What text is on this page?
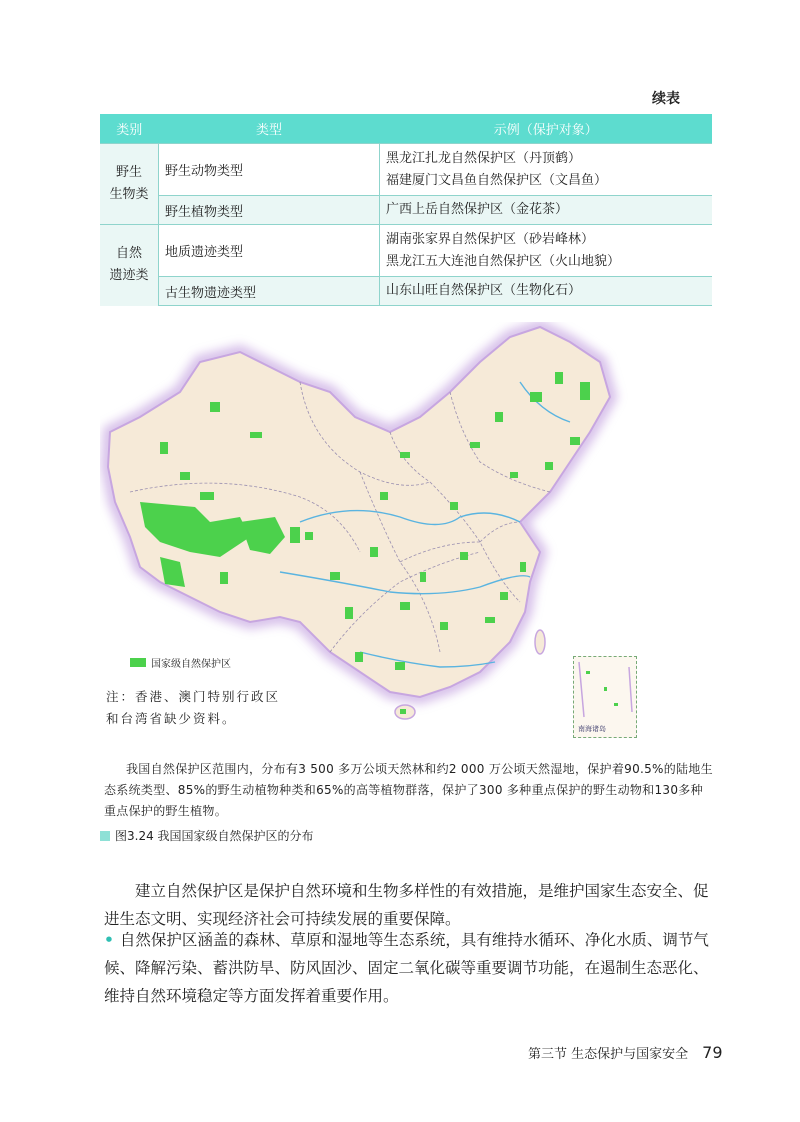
续表
类别	类型	示例（保护对象）

野生
生物类	野生动物类型	黑龙江扎龙自然保护区（丹顶鹤）
福建厦门文昌鱼自然保护区（文昌鱼）

	野生植物类型	广西上岳自然保护区（金花茶）

自然
遗迹类	地质遗迹类型	湖南张家界自然保护区（砂岩峰林）
黑龙江五大连池自然保护区（火山地貌）

	古生物遗迹类型	山东山旺自然保护区（生物化石）
国家级自然保护区
注：香港、澳门特别行政区和台湾省缺少资料。
南海诸岛
我国自然保护区范围内，分布有3 500 多万公顷天然林和约2 000 万公顷天然湿地，保护着90.5%的陆地生态系统类型、85%的野生动植物种类和65%的高等植物群落，保护了300 多种重点保护的野生动物和130多种重点保护的野生植物。
图3.24 我国国家级自然保护区的分布
建立自然保护区是保护自然环境和生物多样性的有效措施，是维护国家生态安全、促进生态文明、实现经济社会可持续发展的重要保障。
• 自然保护区涵盖的森林、草原和湿地等生态系统，具有维持水循环、净化水质、调节气候、降解污染、蓄洪防旱、防风固沙、固定二氧化碳等重要调节功能，在遏制生态恶化、维持自然环境稳定等方面发挥着重要作用。
第三节 生态保护与国家安全 79
